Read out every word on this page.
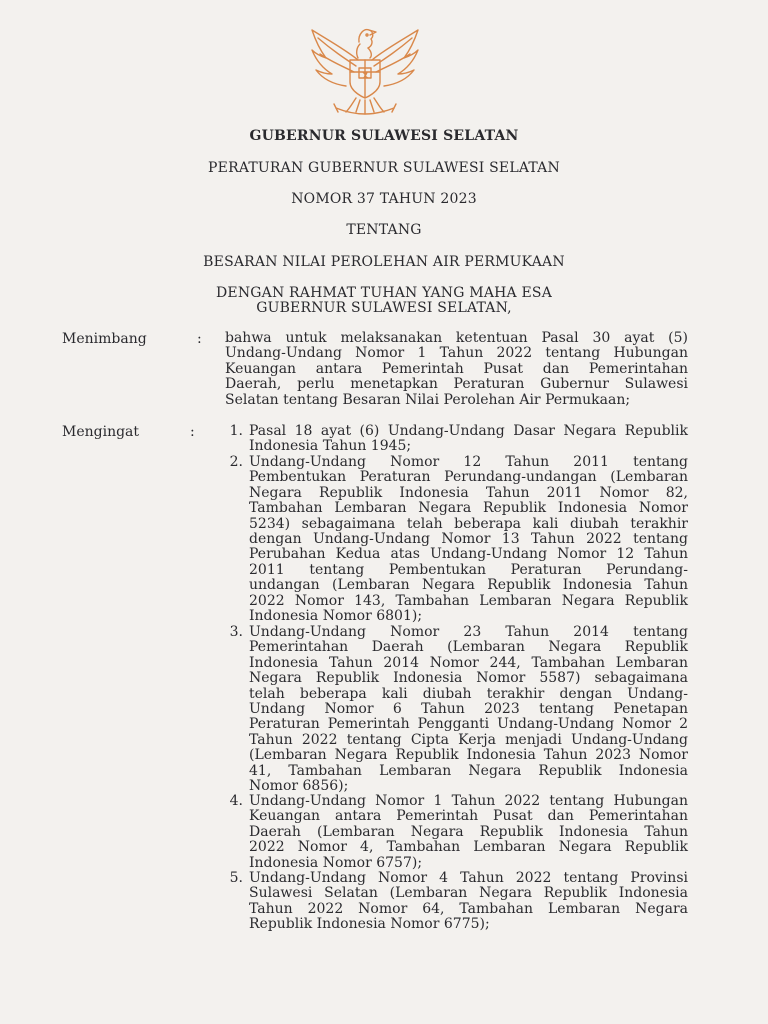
GUBERNUR SULAWESI SELATAN
PERATURAN GUBERNUR SULAWESI SELATAN
NOMOR 37 TAHUN 2023
TENTANG
BESARAN NILAI PEROLEHAN AIR PERMUKAAN
DENGAN RAHMAT TUHAN YANG MAHA ESA
GUBERNUR SULAWESI SELATAN,
Menimbang	: bahwa untuk melaksanakan ketentuan Pasal 30 ayat (5)
Undang-Undang Nomor 1 Tahun 2022 tentang Hubungan
Keuangan antara Pemerintah Pusat dan Pemerintahan
Daerah, perlu menetapkan Peraturan Gubernur Sulawesi
Selatan tentang Besaran Nilai Perolehan Air Permukaan;
Mengingat	:	1. Pasal 18 ayat (6) Undang-Undang Dasar Negara Republik
Indonesia Tahun 1945;
2. Undang-Undang Nomor 12 Tahun 2011 tentang
Pembentukan Peraturan Perundang-undangan (Lembaran
Negara Republik Indonesia Tahun 2011 Nomor 82,
Tambahan Lembaran Negara Republik Indonesia Nomor
5234) sebagaimana telah beberapa kali diubah terakhir
dengan Undang-Undang Nomor 13 Tahun 2022 tentang
Perubahan Kedua atas Undang-Undang Nomor 12 Tahun
2011 tentang Pembentukan Peraturan Perundang-
undangan (Lembaran Negara Republik Indonesia Tahun
2022 Nomor 143, Tambahan Lembaran Negara Republik
Indonesia Nomor 6801);
3. Undang-Undang Nomor 23 Tahun 2014 tentang
Pemerintahan Daerah (Lembaran Negara Republik
Indonesia Tahun 2014 Nomor 244, Tambahan Lembaran
Negara Republik Indonesia Nomor 5587) sebagaimana
telah beberapa kali diubah terakhir dengan Undang-
Undang Nomor 6 Tahun 2023 tentang Penetapan
Peraturan Pemerintah Pengganti Undang-Undang Nomor 2
Tahun 2022 tentang Cipta Kerja menjadi Undang-Undang
(Lembaran Negara Republik Indonesia Tahun 2023 Nomor
41, Tambahan Lembaran Negara Republik Indonesia
Nomor 6856);
4. Undang-Undang Nomor 1 Tahun 2022 tentang Hubungan
Keuangan antara Pemerintah Pusat dan Pemerintahan
Daerah (Lembaran Negara Republik Indonesia Tahun
2022 Nomor 4, Tambahan Lembaran Negara Republik
Indonesia Nomor 6757);
5. Undang-Undang Nomor 4 Tahun 2022 tentang Provinsi
Sulawesi Selatan (Lembaran Negara Republik Indonesia
Tahun 2022 Nomor 64, Tambahan Lembaran Negara
Republik Indonesia Nomor 6775);
